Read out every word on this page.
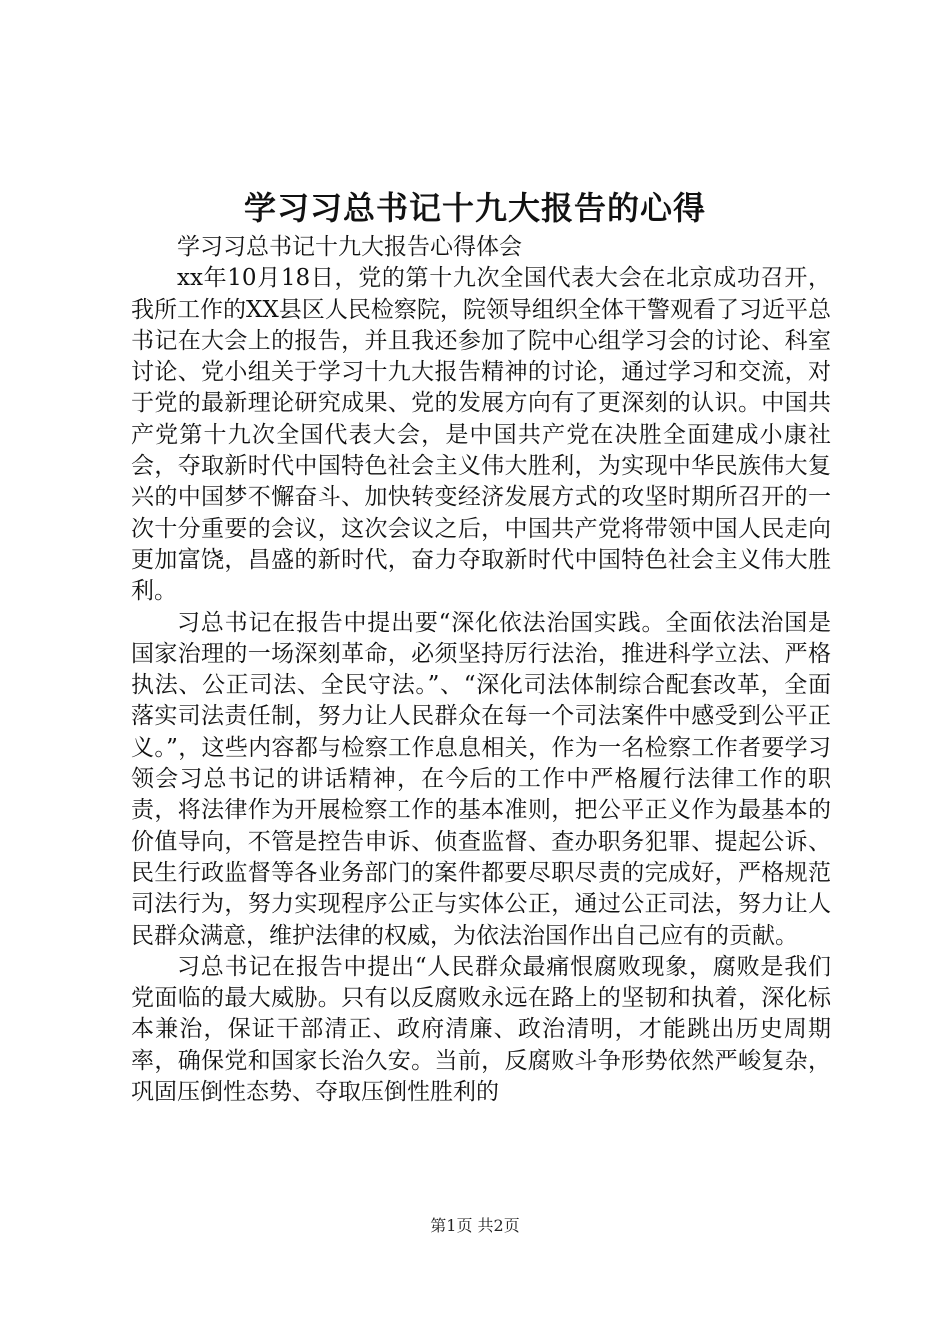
学习习总书记十九大报告的心得

学习习总书记十九大报告心得体会

xx年10月18日，党的第十九次全国代表大会在北京成功召开，我所工作的XX县区人民检察院，院领导组织全体干警观看了习近平总书记在大会上的报告，并且我还参加了院中心组学习会的讨论、科室讨论、党小组关于学习十九大报告精神的讨论，通过学习和交流，对于党的最新理论研究成果、党的发展方向有了更深刻的认识。中国共产党第十九次全国代表大会，是中国共产党在决胜全面建成小康社会，夺取新时代中国特色社会主义伟大胜利，为实现中华民族伟大复兴的中国梦不懈奋斗、加快转变经济发展方式的攻坚时期所召开的一次十分重要的会议，这次会议之后，中国共产党将带领中国人民走向更加富饶，昌盛的新时代，奋力夺取新时代中国特色社会主义伟大胜利。

习总书记在报告中提出要“深化依法治国实践。全面依法治国是国家治理的一场深刻革命，必须坚持厉行法治，推进科学立法、严格执法、公正司法、全民守法。”、“深化司法体制综合配套改革，全面落实司法责任制，努力让人民群众在每一个司法案件中感受到公平正义。”，这些内容都与检察工作息息相关，作为一名检察工作者要学习领会习总书记的讲话精神，在今后的工作中严格履行法律工作的职责，将法律作为开展检察工作的基本准则，把公平正义作为最基本的价值导向，不管是控告申诉、侦查监督、查办职务犯罪、提起公诉、民生行政监督等各业务部门的案件都要尽职尽责的完成好，严格规范司法行为，努力实现程序公正与实体公正，通过公正司法，努力让人民群众满意，维护法律的权威，为依法治国作出自己应有的贡献。

习总书记在报告中提出“人民群众最痛恨腐败现象，腐败是我们党面临的最大威胁。只有以反腐败永远在路上的坚韧和执着，深化标本兼治，保证干部清正、政府清廉、政治清明，才能跳出历史周期率，确保党和国家长治久安。当前，反腐败斗争形势依然严峻复杂，巩固压倒性态势、夺取压倒性胜利的

第1页 共2页
